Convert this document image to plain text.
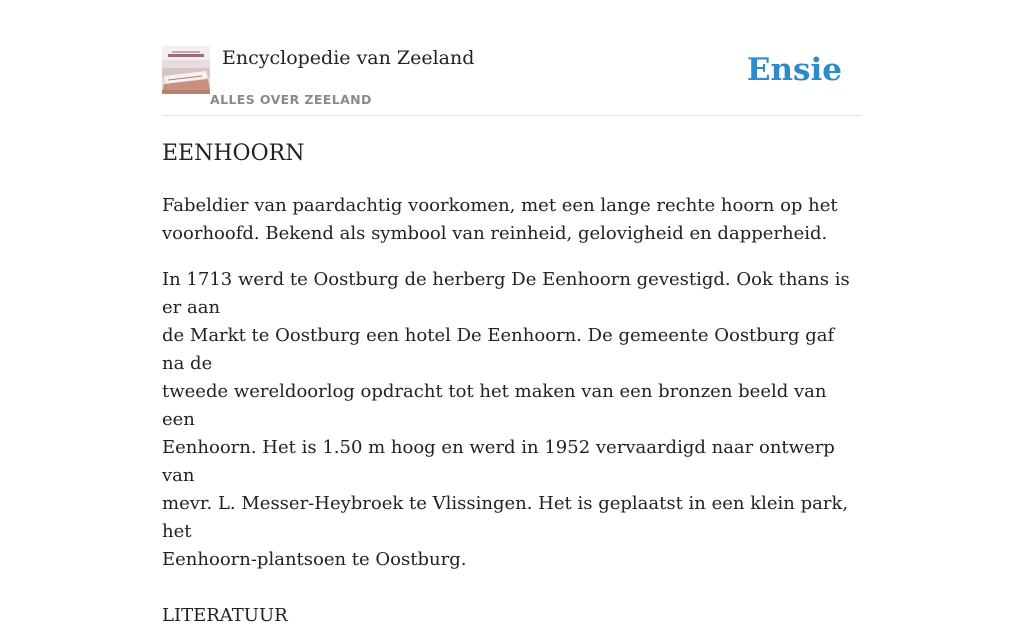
Encyclopedie van Zeeland
ALLES OVER ZEELAND
Ensie
EENHOORN

Fabeldier van paardachtig voorkomen, met een lange rechte hoorn op het
voorhoofd. Bekend als symbool van reinheid, gelovigheid en dapperheid.

In 1713 werd te Oostburg de herberg De Eenhoorn gevestigd. Ook thans is er aan
de Markt te Oostburg een hotel De Eenhoorn. De gemeente Oostburg gaf na de
tweede wereldoorlog opdracht tot het maken van een bronzen beeld van een
Eenhoorn. Het is 1.50 m hoog en werd in 1952 vervaardigd naar ontwerp van
mevr. L. Messer-Heybroek te Vlissingen. Het is geplaatst in een klein park, het
Eenhoorn-plantsoen te Oostburg.

LITERATUUR
